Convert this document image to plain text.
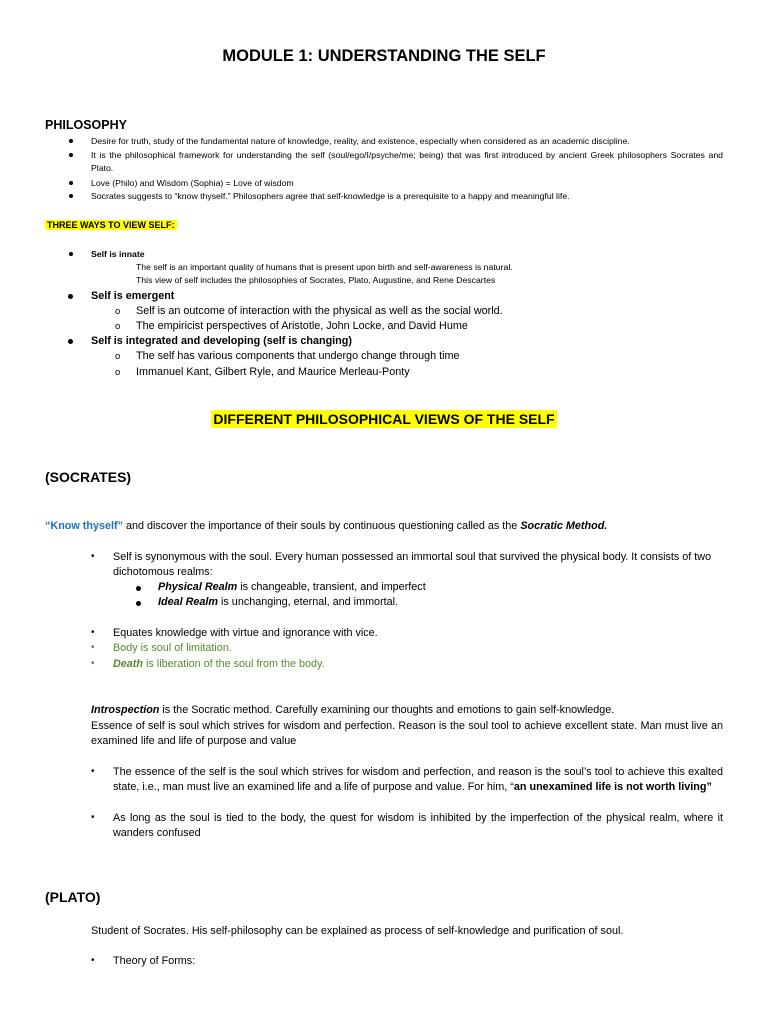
MODULE 1: UNDERSTANDING THE SELF
PHILOSOPHY
Desire for truth, study of the fundamental nature of knowledge, reality, and existence, especially when considered as an academic discipline.
It is the philosophical framework for understanding the self (soul/ego/I/psyche/me; being) that was first introduced by ancient Greek philosophers Socrates and Plato.
Love (Philo) and Wisdom (Sophia) = Love of wisdom
Socrates suggests to “know thyself.” Philosophers agree that self-knowledge is a prerequisite to a happy and meaningful life.
THREE WAYS TO VIEW SELF:
Self is innate
The self is an important quality of humans that is present upon birth and self-awareness is natural.
This view of self includes the philosophies of Socrates, Plato, Augustine, and Rene Descartes
Self is emergent
o Self is an outcome of interaction with the physical as well as the social world.
o The empiricist perspectives of Aristotle, John Locke, and David Hume
Self is integrated and developing (self is changing)
o The self has various components that undergo change through time
o Immanuel Kant, Gilbert Ryle, and Maurice Merleau-Ponty
DIFFERENT PHILOSOPHICAL VIEWS OF THE SELF
(SOCRATES)
“Know thyself” and discover the importance of their souls by continuous questioning called as the Socratic Method.
• Self is synonymous with the soul. Every human possessed an immortal soul that survived the physical body. It consists of two dichotomous realms:
Physical Realm is changeable, transient, and imperfect
Ideal Realm is unchanging, eternal, and immortal.
• Equates knowledge with virtue and ignorance with vice.
• Body is soul of limitation.
• Death is liberation of the soul from the body.
Introspection is the Socratic method. Carefully examining our thoughts and emotions to gain self-knowledge.
Essence of self is soul which strives for wisdom and perfection. Reason is the soul tool to achieve excellent state. Man must live an examined life and life of purpose and value
• The essence of the self is the soul which strives for wisdom and perfection, and reason is the soul’s tool to achieve this exalted state, i.e., man must live an examined life and a life of purpose and value. For him, “an unexamined life is not worth living”
• As long as the soul is tied to the body, the quest for wisdom is inhibited by the imperfection of the physical realm, where it wanders confused
(PLATO)
Student of Socrates. His self-philosophy can be explained as process of self-knowledge and purification of soul.
• Theory of Forms:
